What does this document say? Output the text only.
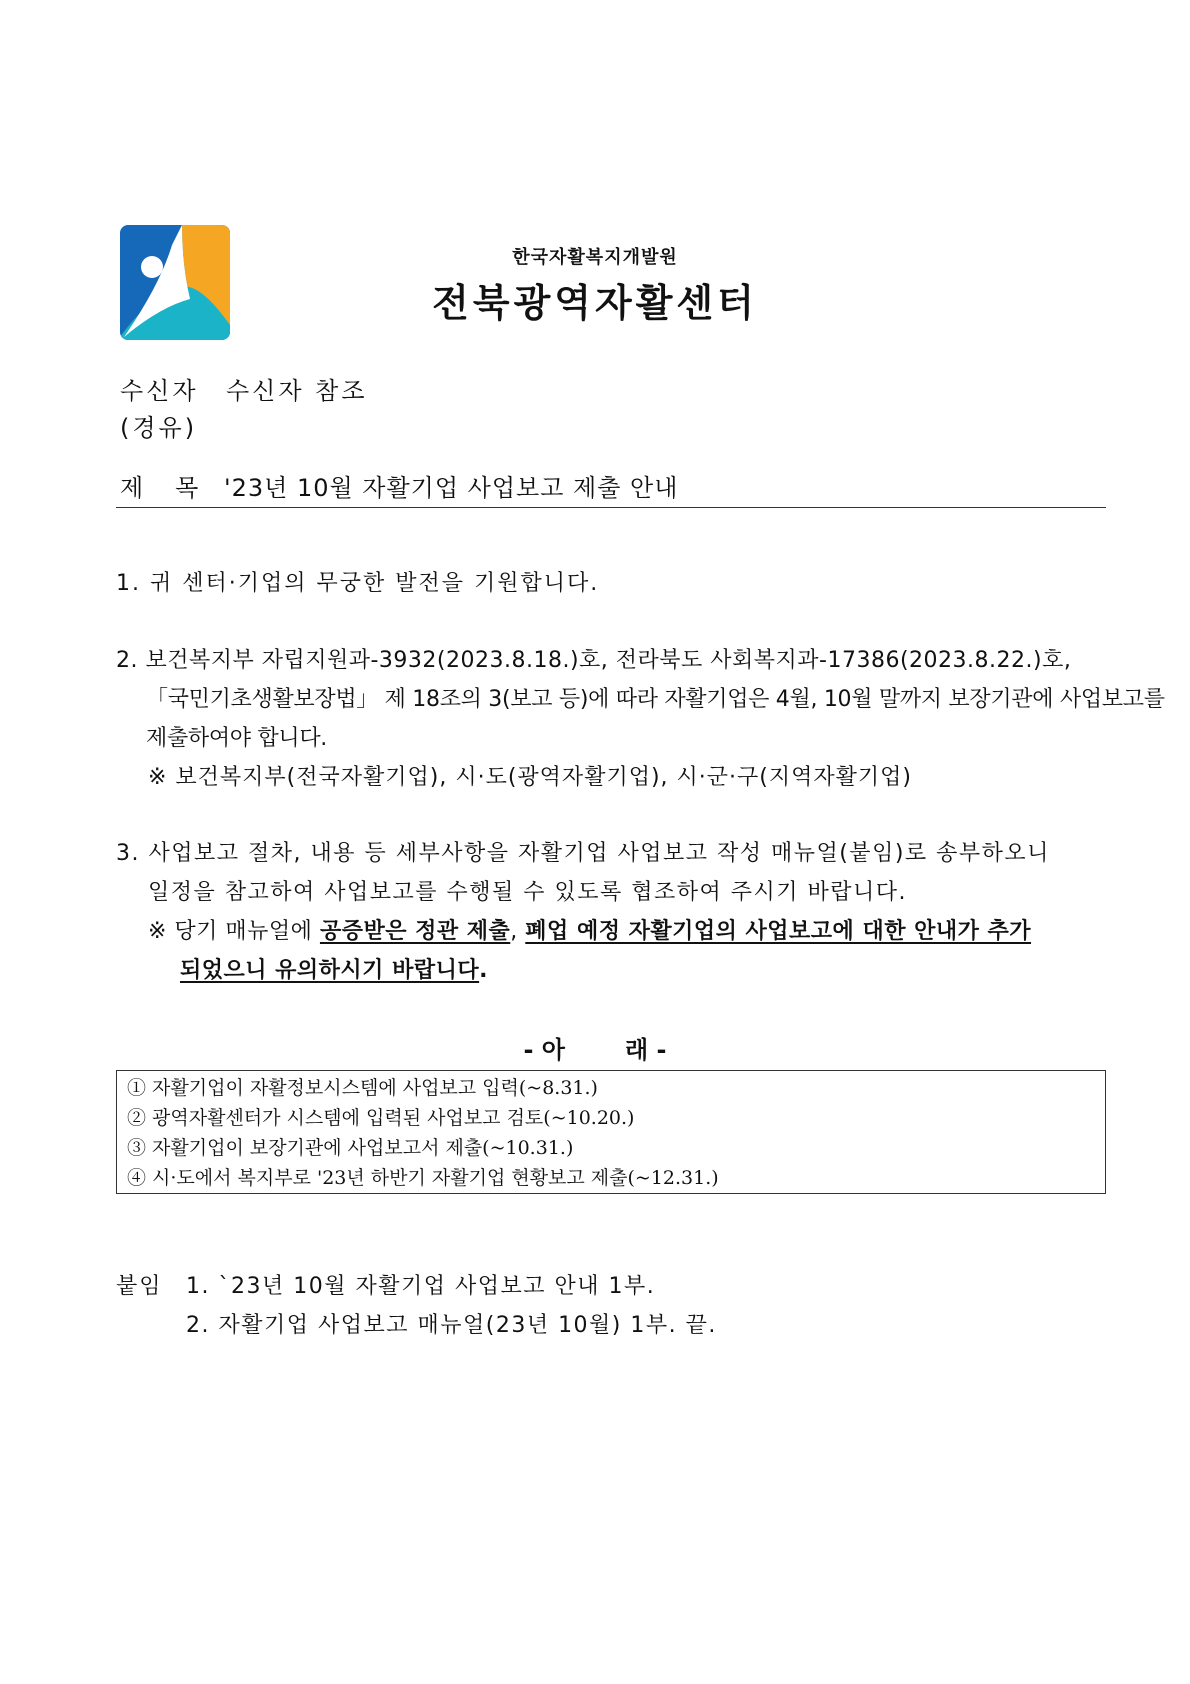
한국자활복지개발원
전북광역자활센터
수신자 수신자 참조
(경유)
제목
'23년 10월 자활기업 사업보고 제출 안내
1. 귀 센터·기업의 무궁한 발전을 기원합니다.
2. 보건복지부 자립지원과-3932(2023.8.18.)호, 전라북도 사회복지과-17386(2023.8.22.)호,
「국민기초생활보장법」 제 18조의 3(보고 등)에 따라 자활기업은 4월, 10월 말까지 보장기관에 사업보고를
제출하여야 합니다.
※ 보건복지부(전국자활기업), 시·도(광역자활기업), 시·군·구(지역자활기업)
3. 사업보고 절차, 내용 등 세부사항을 자활기업 사업보고 작성 매뉴얼(붙임)로 송부하오니
일정을 참고하여 사업보고를 수행될 수 있도록 협조하여 주시기 바랍니다.
※ 당기 매뉴얼에 공증받은 정관 제출, 폐업 예정 자활기업의 사업보고에 대한 안내가 추가
되었으니 유의하시기 바랍니다.
- 아	래 -
① 자활기업이 자활정보시스템에 사업보고 입력(~8.31.)
② 광역자활센터가 시스템에 입력된 사업보고 검토(~10.20.)
③ 자활기업이 보장기관에 사업보고서 제출(~10.31.)
④ 시·도에서 복지부로 '23년 하반기 자활기업 현황보고 제출(~12.31.)
붙임 1. `23년 10월 자활기업 사업보고 안내 1부.
2. 자활기업 사업보고 매뉴얼(23년 10월) 1부. 끝.
